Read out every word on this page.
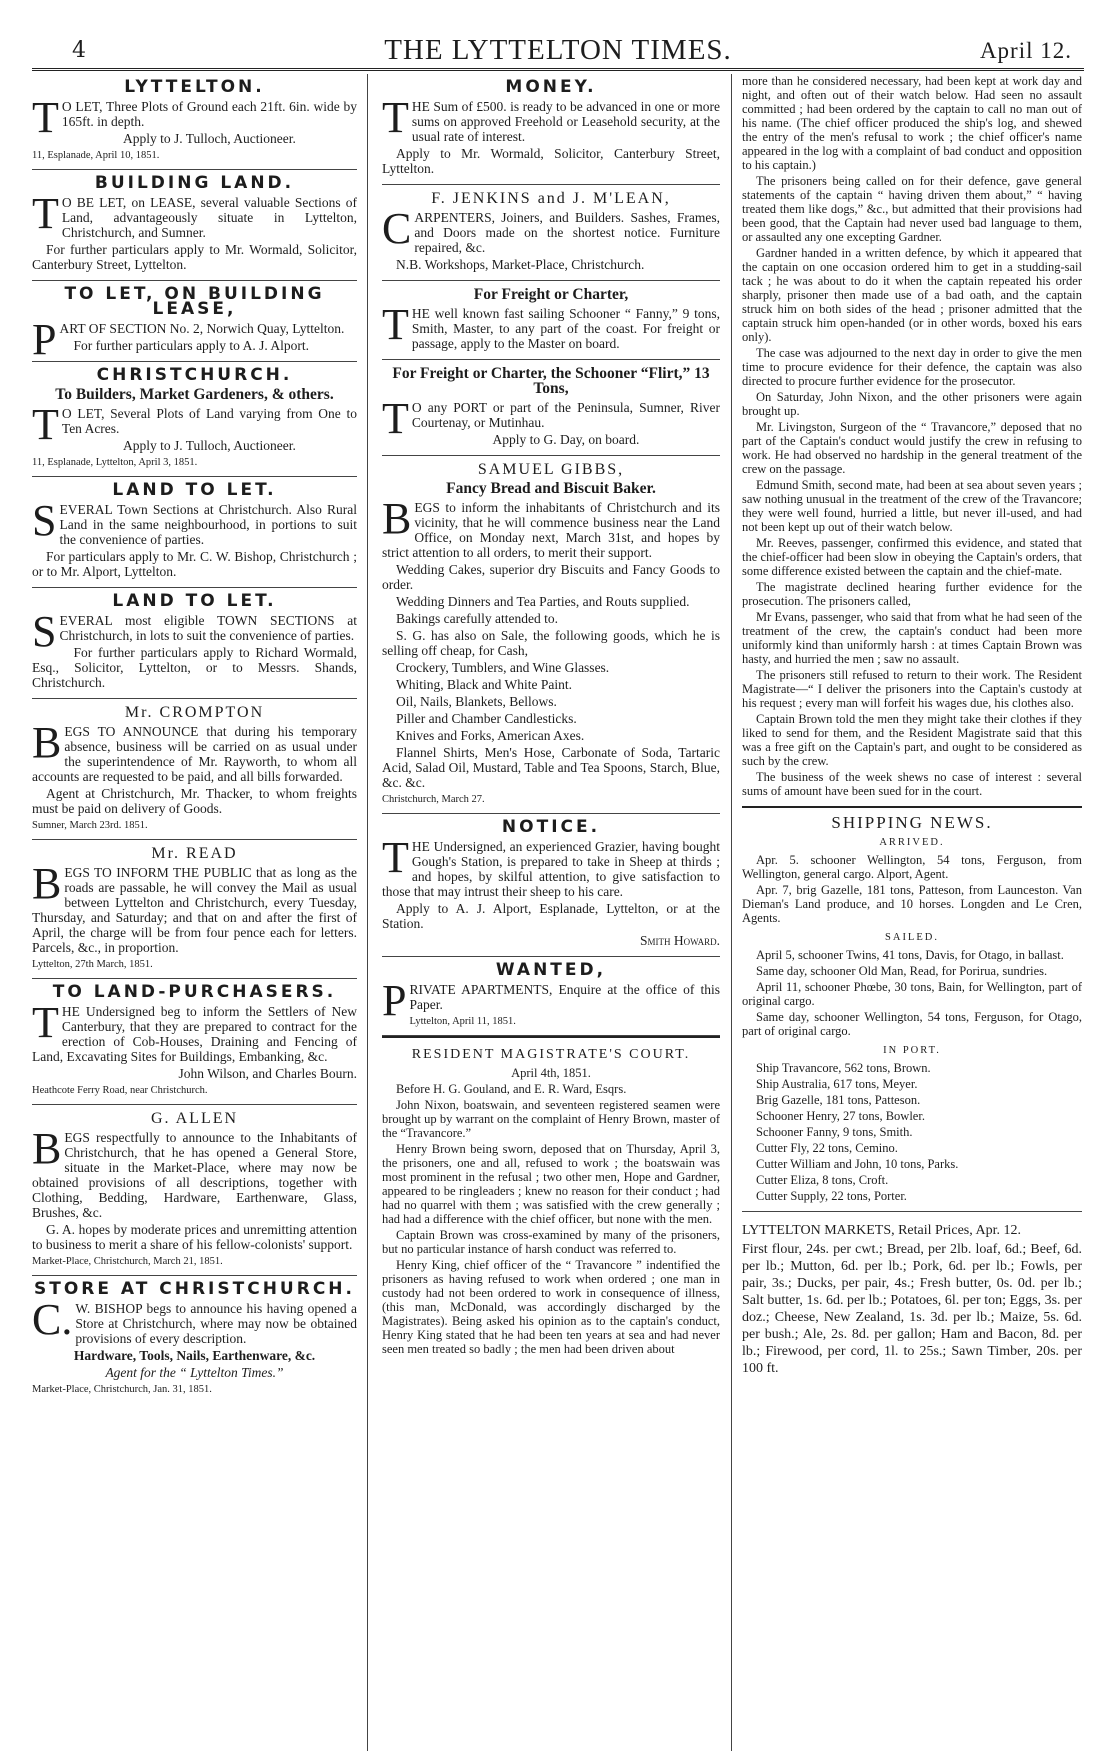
4	THE LYTTELTON TIMES.	April 12.
LYTTELTON.

TO LET, Three Plots of Ground each 21ft. 6in. wide by 165ft. in depth.

Apply to J. Tulloch, Auctioneer.

11, Esplanade, April 10, 1851.
BUILDING LAND.

TO BE LET, on LEASE, several valuable Sections of Land, advantageously situate in Lyttelton, Christchurch, and Sumner.

For further particulars apply to Mr. Wormald, Solicitor, Canterbury Street, Lyttelton.

TO LET, ON BUILDING LEASE,

PART OF SECTION No. 2, Norwich Quay, Lyttelton.

For further particulars apply to A. J. Alport.

CHRISTCHURCH.
To Builders, Market Gardeners, & others.

TO LET, Several Plots of Land varying from One to Ten Acres.

Apply to J. Tulloch, Auctioneer.

11, Esplanade, Lyttelton, April 3, 1851.
LAND TO LET.

SEVERAL Town Sections at Christchurch. Also Rural Land in the same neighbourhood, in portions to suit the convenience of parties.

For particulars apply to Mr. C. W. Bishop, Christchurch ; or to Mr. Alport, Lyttelton.

LAND TO LET.

SEVERAL most eligible TOWN SECTIONS at Christchurch, in lots to suit the convenience of parties.

For further particulars apply to Richard Wormald, Esq., Solicitor, Lyttelton, or to Messrs. Shands, Christchurch.

Mr. CROMPTON

BEGS TO ANNOUNCE that during his temporary absence, business will be carried on as usual under the superintendence of Mr. Rayworth, to whom all accounts are requested to be paid, and all bills forwarded.

Agent at Christchurch, Mr. Thacker, to whom freights must be paid on delivery of Goods.

Sumner, March 23rd. 1851.
Mr. READ

BEGS TO INFORM THE PUBLIC that as long as the roads are passable, he will convey the Mail as usual between Lyttelton and Christchurch, every Tuesday, Thursday, and Saturday; and that on and after the first of April, the charge will be from four pence each for letters. Parcels, &c., in proportion.

Lyttelton, 27th March, 1851.
TO LAND-PURCHASERS.

THE Undersigned beg to inform the Settlers of New Canterbury, that they are prepared to contract for the erection of Cob-Houses, Draining and Fencing of Land, Excavating Sites for Buildings, Embanking, &c.

John Wilson, and Charles Bourn.

Heathcote Ferry Road, near Christchurch.
G. ALLEN

BEGS respectfully to announce to the Inhabitants of Christchurch, that he has opened a General Store, situate in the Market-Place, where may now be obtained provisions of all descriptions, together with Clothing, Bedding, Hardware, Earthenware, Glass, Brushes, &c.

G. A. hopes by moderate prices and unremitting attention to business to merit a share of his fellow-colonists' support.

Market-Place, Christchurch, March 21, 1851.
STORE AT CHRISTCHURCH.

C.W. BISHOP begs to announce his having opened a Store at Christchurch, where may now be obtained provisions of every description.

Hardware, Tools, Nails, Earthenware, &c.

Agent for the “ Lyttelton Times.”

Market-Place, Christchurch, Jan. 31, 1851.
MONEY.

THE Sum of £500. is ready to be advanced in one or more sums on approved Freehold or Leasehold security, at the usual rate of interest.

Apply to Mr. Wormald, Solicitor, Canterbury Street, Lyttelton.

F. JENKINS and J. M'LEAN,

CARPENTERS, Joiners, and Builders. Sashes, Frames, and Doors made on the shortest notice. Furniture repaired, &c.

N.B. Workshops, Market-Place, Christchurch.

For Freight or Charter,

THE well known fast sailing Schooner “ Fanny,” 9 tons, Smith, Master, to any part of the coast. For freight or passage, apply to the Master on board.

For Freight or Charter, the Schooner “Flirt,” 13 Tons,

TO any PORT or part of the Peninsula, Sumner, River Courtenay, or Mutinhau.

Apply to G. Day, on board.

SAMUEL GIBBS,
Fancy Bread and Biscuit Baker.

BEGS to inform the inhabitants of Christchurch and its vicinity, that he will commence business near the Land Office, on Monday next, March 31st, and hopes by strict attention to all orders, to merit their support.

Wedding Cakes, superior dry Biscuits and Fancy Goods to order.

Wedding Dinners and Tea Parties, and Routs supplied.

Bakings carefully attended to.

S. G. has also on Sale, the following goods, which he is selling off cheap, for Cash,

Crockery, Tumblers, and Wine Glasses.

Whiting, Black and White Paint.

Oil, Nails, Blankets, Bellows.

Piller and Chamber Candlesticks.

Knives and Forks, American Axes.

Flannel Shirts, Men's Hose, Carbonate of Soda, Tartaric Acid, Salad Oil, Mustard, Table and Tea Spoons, Starch, Blue, &c. &c.

Christchurch, March 27.
NOTICE.

THE Undersigned, an experienced Grazier, having bought Gough's Station, is prepared to take in Sheep at thirds ; and hopes, by skilful attention, to give satisfaction to those that may intrust their sheep to his care.

Apply to A. J. Alport, Esplanade, Lyttelton, or at the Station.

Smith Howard.

WANTED,

PRIVATE APARTMENTS, Enquire at the office of this Paper.

Lyttelton, April 11, 1851.
RESIDENT MAGISTRATE'S COURT.

April 4th, 1851.

Before H. G. Gouland, and E. R. Ward, Esqrs.

John Nixon, boatswain, and seventeen registered seamen were brought up by warrant on the complaint of Henry Brown, master of the “Travancore.”

Henry Brown being sworn, deposed that on Thursday, April 3, the prisoners, one and all, refused to work ; the boatswain was most prominent in the refusal ; two other men, Hope and Gardner, appeared to be ringleaders ; knew no reason for their conduct ; had had no quarrel with them ; was satisfied with the crew generally ; had had a difference with the chief officer, but none with the men.

Captain Brown was cross-examined by many of the prisoners, but no particular instance of harsh conduct was referred to.

Henry King, chief officer of the “ Travancore ” indentified the prisoners as having refused to work when ordered ; one man in custody had not been ordered to work in consequence of illness, (this man, McDonald, was accordingly discharged by the Magistrates). Being asked his opinion as to the captain's conduct, Henry King stated that he had been ten years at sea and had never seen men treated so badly ; the men had been driven about

more than he considered necessary, had been kept at work day and night, and often out of their watch below. Had seen no assault committed ; had been ordered by the captain to call no man out of his name. (The chief officer produced the ship's log, and shewed the entry of the men's refusal to work ; the chief officer's name appeared in the log with a complaint of bad conduct and opposition to his captain.)

The prisoners being called on for their defence, gave general statements of the captain “ having driven them about,” “ having treated them like dogs,” &c., but admitted that their provisions had been good, that the Captain had never used bad language to them, or assaulted any one excepting Gardner.

Gardner handed in a written defence, by which it appeared that the captain on one occasion ordered him to get in a studding-sail tack ; he was about to do it when the captain repeated his order sharply, prisoner then made use of a bad oath, and the captain struck him on both sides of the head ; prisoner admitted that the captain struck him open-handed (or in other words, boxed his ears only).

The case was adjourned to the next day in order to give the men time to procure evidence for their defence, the captain was also directed to procure further evidence for the prosecutor.

On Saturday, John Nixon, and the other prisoners were again brought up.

Mr. Livingston, Surgeon of the “ Travancore,” deposed that no part of the Captain's conduct would justify the crew in refusing to work. He had observed no hardship in the general treatment of the crew on the passage.

Edmund Smith, second mate, had been at sea about seven years ; saw nothing unusual in the treatment of the crew of the Travancore; they were well found, hurried a little, but never ill-used, and had not been kept up out of their watch below.

Mr. Reeves, passenger, confirmed this evidence, and stated that the chief-officer had been slow in obeying the Captain's orders, that some difference existed between the captain and the chief-mate.

The magistrate declined hearing further evidence for the prosecution. The prisoners called,

Mr Evans, passenger, who said that from what he had seen of the treatment of the crew, the captain's conduct had been more uniformly kind than uniformly harsh : at times Captain Brown was hasty, and hurried the men ; saw no assault.

The prisoners still refused to return to their work. The Resident Magistrate—“ I deliver the prisoners into the Captain's custody at his request ; every man will forfeit his wages due, his clothes also.

Captain Brown told the men they might take their clothes if they liked to send for them, and the Resident Magistrate said that this was a free gift on the Captain's part, and ought to be considered as such by the crew.

The business of the week shews no case of interest : several sums of amount have been sued for in the court.

SHIPPING NEWS.
ARRIVED.

Apr. 5. schooner Wellington, 54 tons, Ferguson, from Wellington, general cargo. Alport, Agent.

Apr. 7, brig Gazelle, 181 tons, Patteson, from Launceston. Van Dieman's Land produce, and 10 horses. Longden and Le Cren, Agents.

SAILED.

April 5, schooner Twins, 41 tons, Davis, for Otago, in ballast.

Same day, schooner Old Man, Read, for Porirua, sundries.

April 11, schooner Phœbe, 30 tons, Bain, for Wellington, part of original cargo.

Same day, schooner Wellington, 54 tons, Ferguson, for Otago, part of original cargo.

IN PORT.

Ship Travancore, 562 tons, Brown.

Ship Australia, 617 tons, Meyer.

Brig Gazelle, 181 tons, Patteson.

Schooner Henry, 27 tons, Bowler.

Schooner Fanny, 9 tons, Smith.

Cutter Fly, 22 tons, Cemino.

Cutter William and John, 10 tons, Parks.

Cutter Eliza, 8 tons, Croft.

Cutter Supply, 22 tons, Porter.

LYTTELTON MARKETS, Retail Prices, Apr. 12.

First flour, 24s. per cwt.; Bread, per 2lb. loaf, 6d.; Beef, 6d. per lb.; Mutton, 6d. per lb.; Pork, 6d. per lb.; Fowls, per pair, 3s.; Ducks, per pair, 4s.; Fresh butter, 0s. 0d. per lb.; Salt butter, 1s. 6d. per lb.; Potatoes, 6l. per ton; Eggs, 3s. per doz.; Cheese, New Zealand, 1s. 3d. per lb.; Maize, 5s. 6d. per bush.; Ale, 2s. 8d. per gallon; Ham and Bacon, 8d. per lb.; Firewood, per cord, 1l. to 25s.; Sawn Timber, 20s. per 100 ft.
